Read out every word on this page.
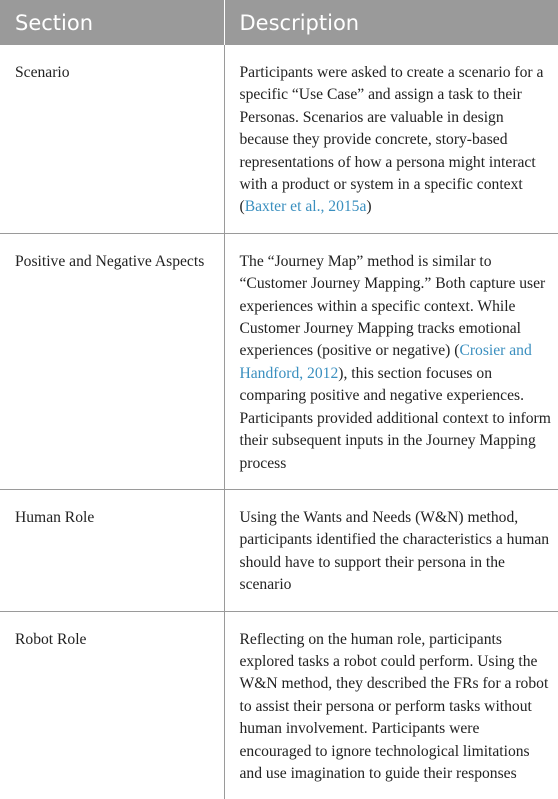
Section	Description
Scenario	Participants were asked to create a scenario for a specific “Use Case” and assign a task to their Personas. Scenarios are valuable in design because they provide concrete, story-based representations of how a persona might interact with a product or system in a specific context (Baxter et al., 2015a)
Positive and Negative Aspects	The “Journey Map” method is similar to “Customer Journey Mapping.” Both capture user experiences within a specific context. While Customer Journey Mapping tracks emotional experiences (positive or negative) (Crosier and Handford, 2012), this section focuses on comparing positive and negative experiences. Participants provided additional context to inform their subsequent inputs in the Journey Mapping process
Human Role	Using the Wants and Needs (W&N) method, participants identified the characteristics a human should have to support their persona in the scenario
Robot Role	Reflecting on the human role, participants explored tasks a robot could perform. Using the W&N method, they described the FRs for a robot to assist their persona or perform tasks without human involvement. Participants were encouraged to ignore technological limitations and use imagination to guide their responses
